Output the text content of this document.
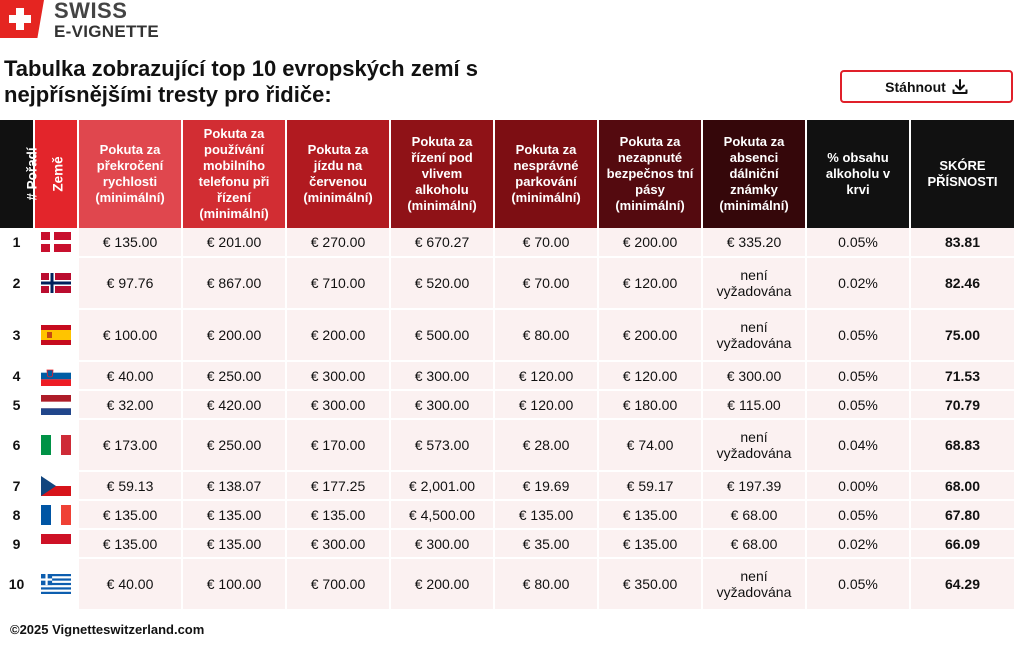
SWISS
E-VIGNETTE
Tabulka zobrazující top 10 evropských zemí s nejpřísnějšími tresty pro řidiče:	Stáhnout
# Pořadí	Země	Pokuta za překročení rychlosti (minimální)	Pokuta za používání mobilního telefonu při řízení (minimální)	Pokuta za jízdu na červenou (minimální)	Pokuta za řízení pod vlivem alkoholu (minimální)	Pokuta za nesprávné parkování (minimální)	Pokuta za nezapnuté bezpečnos tní pásy (minimální)	Pokuta za absenci dálniční známky (minimální)	% obsahu alkoholu v krvi	SKÓRE PŘÍSNOSTI
1		€ 135.00	€ 201.00	€ 270.00	€ 670.27	€ 70.00	€ 200.00	€ 335.20	0.05%	83.81
2		€ 97.76	€ 867.00	€ 710.00	€ 520.00	€ 70.00	€ 120.00	není vyžadována	0.02%	82.46
3		€ 100.00	€ 200.00	€ 200.00	€ 500.00	€ 80.00	€ 200.00	není vyžadována	0.05%	75.00
4		€ 40.00	€ 250.00	€ 300.00	€ 300.00	€ 120.00	€ 120.00	€ 300.00	0.05%	71.53
5		€ 32.00	€ 420.00	€ 300.00	€ 300.00	€ 120.00	€ 180.00	€ 115.00	0.05%	70.79
6		€ 173.00	€ 250.00	€ 170.00	€ 573.00	€ 28.00	€ 74.00	není vyžadována	0.04%	68.83
7		€ 59.13	€ 138.07	€ 177.25	€ 2,001.00	€ 19.69	€ 59.17	€ 197.39	0.00%	68.00
8		€ 135.00	€ 135.00	€ 135.00	€ 4,500.00	€ 135.00	€ 135.00	€ 68.00	0.05%	67.80
9		€ 135.00	€ 135.00	€ 300.00	€ 300.00	€ 35.00	€ 135.00	€ 68.00	0.02%	66.09
10		€ 40.00	€ 100.00	€ 700.00	€ 200.00	€ 80.00	€ 350.00	není vyžadována	0.05%	64.29
©2025 Vignetteswitzerland.com
